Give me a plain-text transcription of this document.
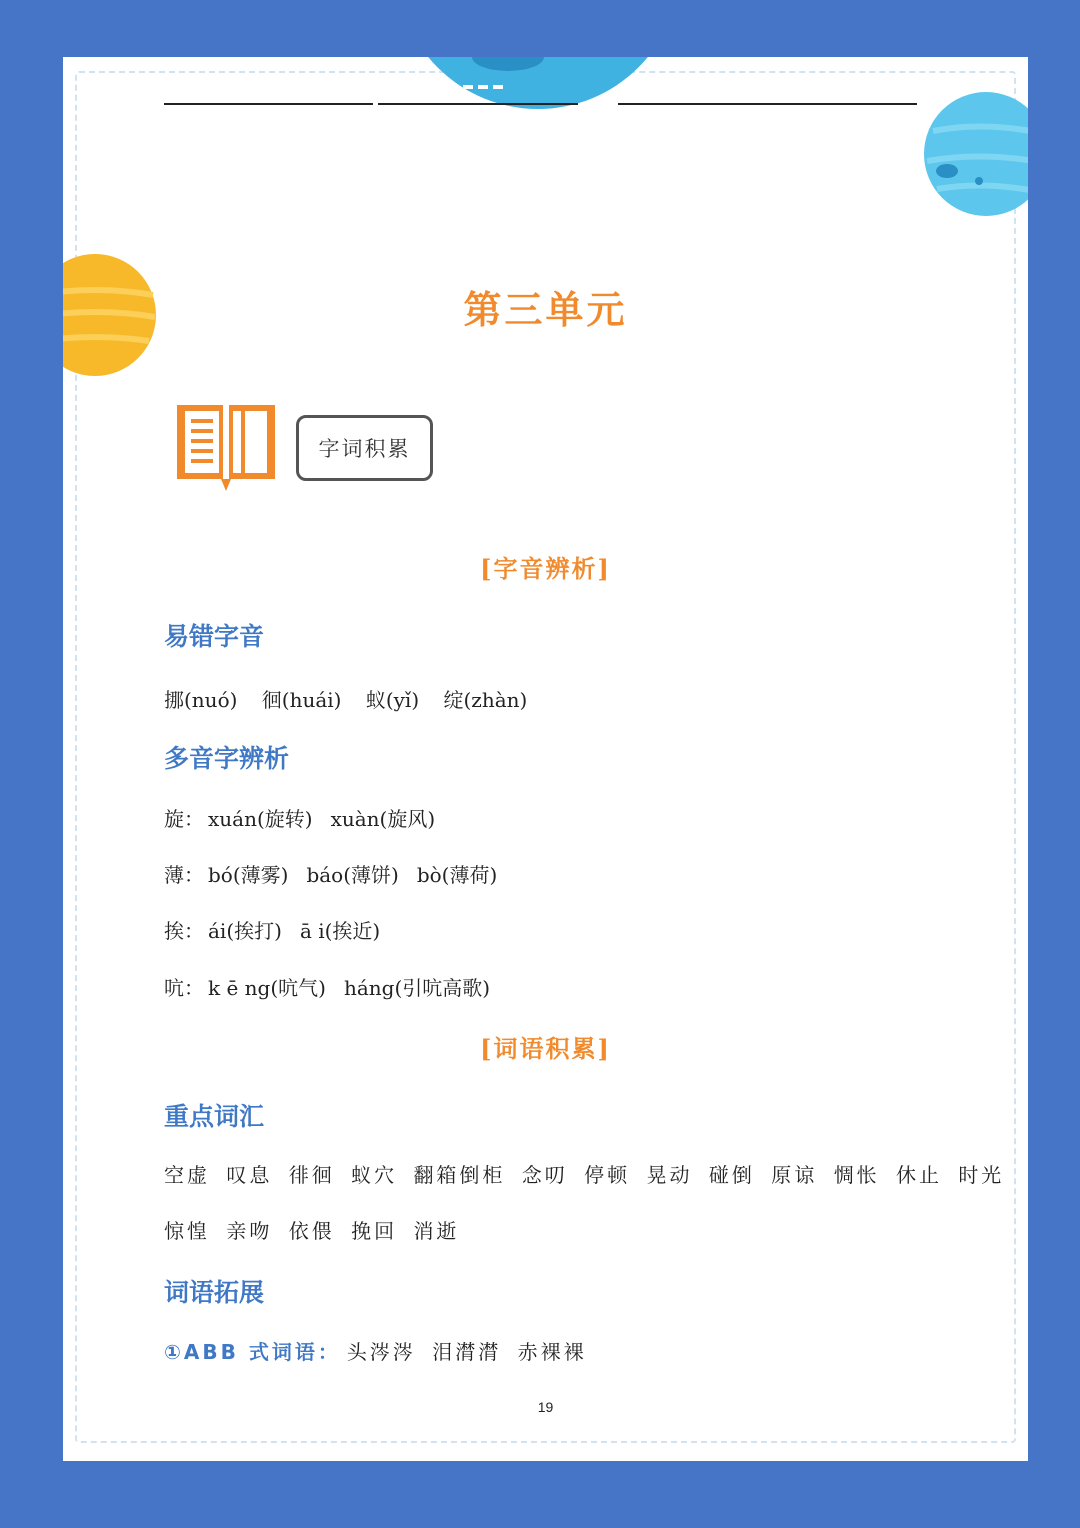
第三单元
字词积累
[字音辨析]
易错字音
挪(nuó) 徊(huái) 蚁(yǐ) 绽(zhàn)
多音字辨析
旋： xuán(旋转) xuàn(旋风)
薄： bó(薄雾) báo(薄饼) bò(薄荷)
挨： ái(挨打) ā i(挨近)
吭： k ē ng(吭气) háng(引吭高歌)
[词语积累]
重点词汇
空虚 叹息 徘徊 蚁穴 翻箱倒柜 念叨 停顿 晃动 碰倒 原谅 惆怅 休止 时光
惊惶 亲吻 依偎 挽回 消逝
词语拓展
①ABB 式词语： 头涔涔 泪潸潸 赤裸裸
19
